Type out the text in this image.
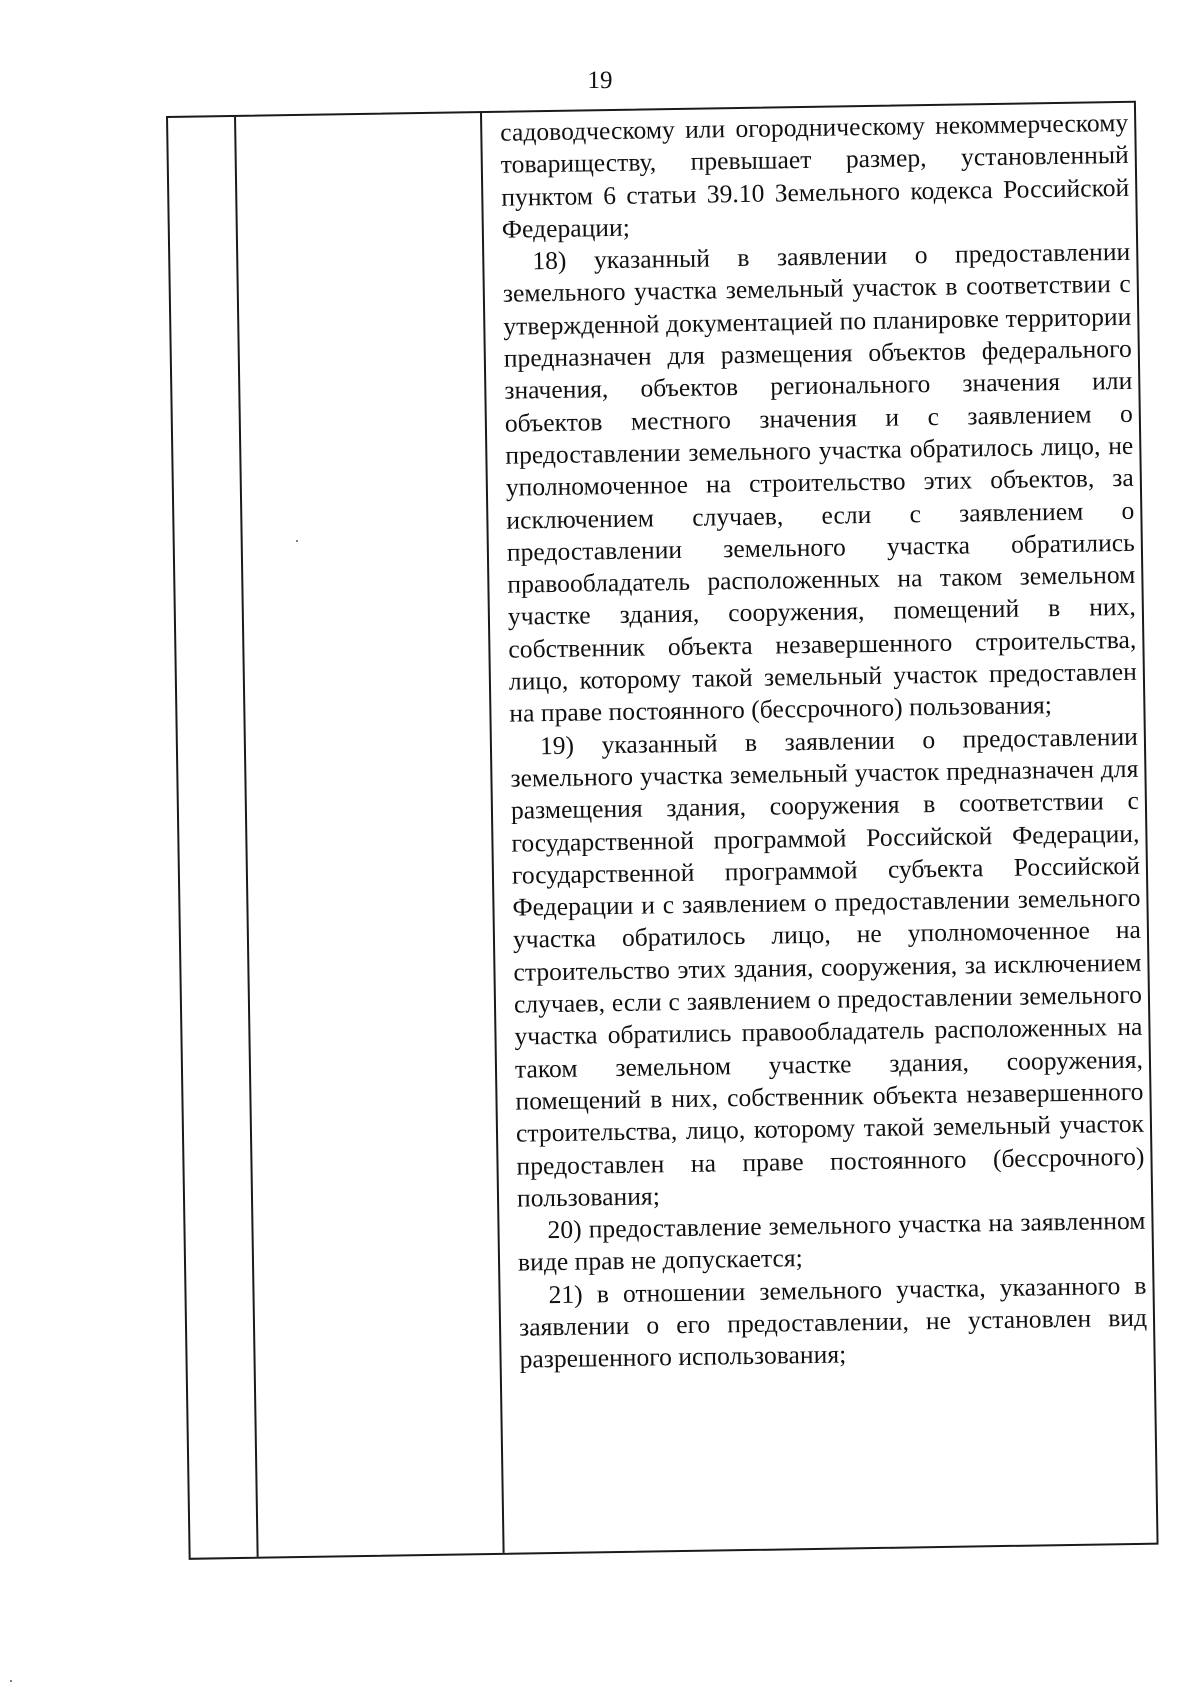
19

садоводческому или огородническому некоммерческому товариществу, превышает размер, установленный пунктом 6 статьи 39.10 Земельного кодекса Российской Федерации;

18) указанный в заявлении о предоставлении земельного участка земельный участок в соответствии с утвержденной документацией по планировке территории предназначен для размещения объектов федерального значения, объектов регионального значения или объектов местного значения и с заявлением о предоставлении земельного участка обратилось лицо, не уполномоченное на строительство этих объектов, за исключением случаев, если с заявлением о предоставлении земельного участка обратились правообладатель расположенных на таком земельном участке здания, сооружения, помещений в них, собственник объекта незавершенного строительства, лицо, которому такой земельный участок предоставлен на праве постоянного (бессрочного) пользования;

19) указанный в заявлении о предоставлении земельного участка земельный участок предназначен для размещения здания, сооружения в соответствии с государственной программой Российской Федерации, государственной программой субъекта Российской Федерации и с заявлением о предоставлении земельного участка обратилось лицо, не уполномоченное на строительство этих здания, сооружения, за исключением случаев, если с заявлением о предоставлении земельного участка обратились правообладатель расположенных на таком земельном участке здания, сооружения, помещений в них, собственник объекта незавершенного строительства, лицо, которому такой земельный участок предоставлен на праве постоянного (бессрочного) пользования;

20) предоставление земельного участка на заявленном виде прав не допускается;

21) в отношении земельного участка, указанного в заявлении о его предоставлении, не установлен вид разрешенного использования;
